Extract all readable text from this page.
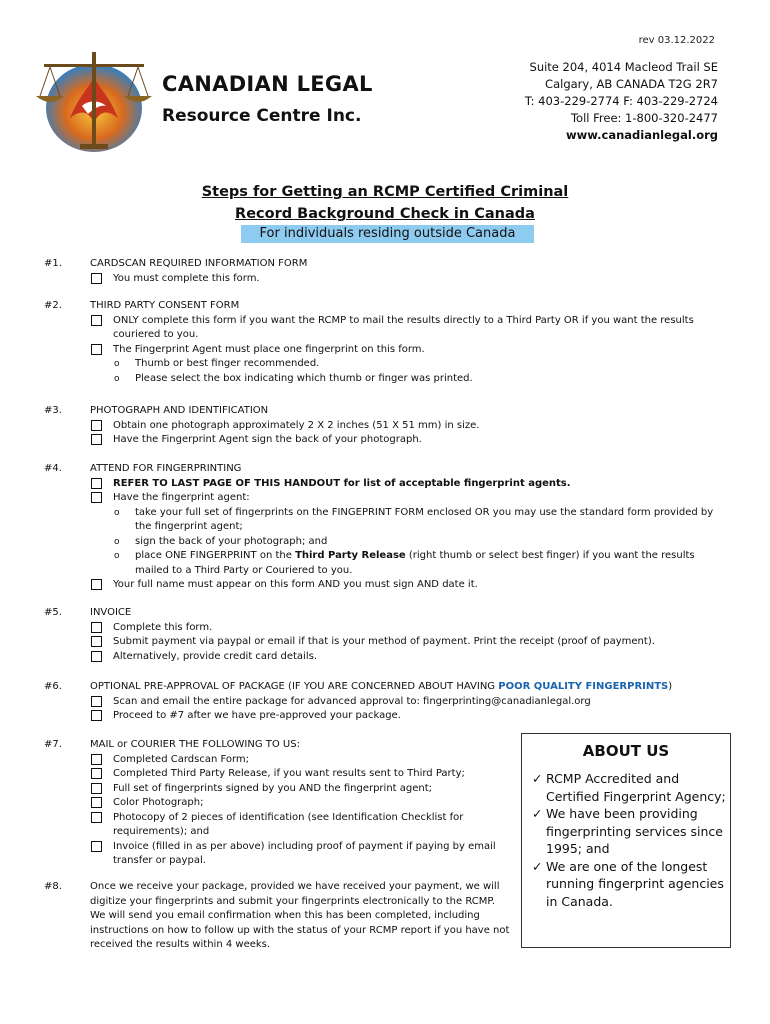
rev 03.12.2022
CANADIAN LEGAL
Resource Centre Inc.
Suite 204, 4014 Macleod Trail SE
Calgary, AB CANADA T2G 2R7
T: 403-229-2774 F: 403-229-2724
Toll Free: 1-800-320-2477
www.canadianlegal.org
Steps for Getting an RCMP Certified Criminal
Record Background Check in Canada
For individuals residing outside Canada
#1.	CARDSCAN REQUIRED INFORMATION FORM
You must complete this form.
#2.	THIRD PARTY CONSENT FORM
ONLY complete this form if you want the RCMP to mail the results directly to a Third Party OR if you want the results couriered to you.
The Fingerprint Agent must place one fingerprint on this form.
o Thumb or best finger recommended.
o Please select the box indicating which thumb or finger was printed.
#3.	PHOTOGRAPH AND IDENTIFICATION
Obtain one photograph approximately 2 X 2 inches (51 X 51 mm) in size.
Have the Fingerprint Agent sign the back of your photograph.
#4.	ATTEND FOR FINGERPRINTING
REFER TO LAST PAGE OF THIS HANDOUT for list of acceptable fingerprint agents.
Have the fingerprint agent:
o take your full set of fingerprints on the FINGEPRINT FORM enclosed OR you may use the standard form provided by the fingerprint agent;
o sign the back of your photograph; and
o place ONE FINGERPRINT on the Third Party Release (right thumb or select best finger) if you want the results mailed to a Third Party or Couriered to you.
Your full name must appear on this form AND you must sign AND date it.
#5.	INVOICE
Complete this form.
Submit payment via paypal or email if that is your method of payment. Print the receipt (proof of payment).
Alternatively, provide credit card details.
#6.	OPTIONAL PRE-APPROVAL OF PACKAGE (IF YOU ARE CONCERNED ABOUT HAVING POOR QUALITY FINGERPRINTS)
Scan and email the entire package for advanced approval to: fingerprinting@canadianlegal.org
Proceed to #7 after we have pre-approved your package.
#7.	MAIL or COURIER THE FOLLOWING TO US:
Completed Cardscan Form;
Completed Third Party Release, if you want results sent to Third Party;
Full set of fingerprints signed by you AND the fingerprint agent;
Color Photograph;
Photocopy of 2 pieces of identification (see Identification Checklist for requirements); and
Invoice (filled in as per above) including proof of payment if paying by email transfer or paypal.
#8.	Once we receive your package, provided we have received your payment, we will digitize your fingerprints and submit your fingerprints electronically to the RCMP. We will send you email confirmation when this has been completed, including instructions on how to follow up with the status of your RCMP report if you have not received the results within 4 weeks.
ABOUT US
✓ RCMP Accredited and Certified Fingerprint Agency;
✓ We have been providing fingerprinting services since 1995; and
✓ We are one of the longest running fingerprint agencies in Canada.
